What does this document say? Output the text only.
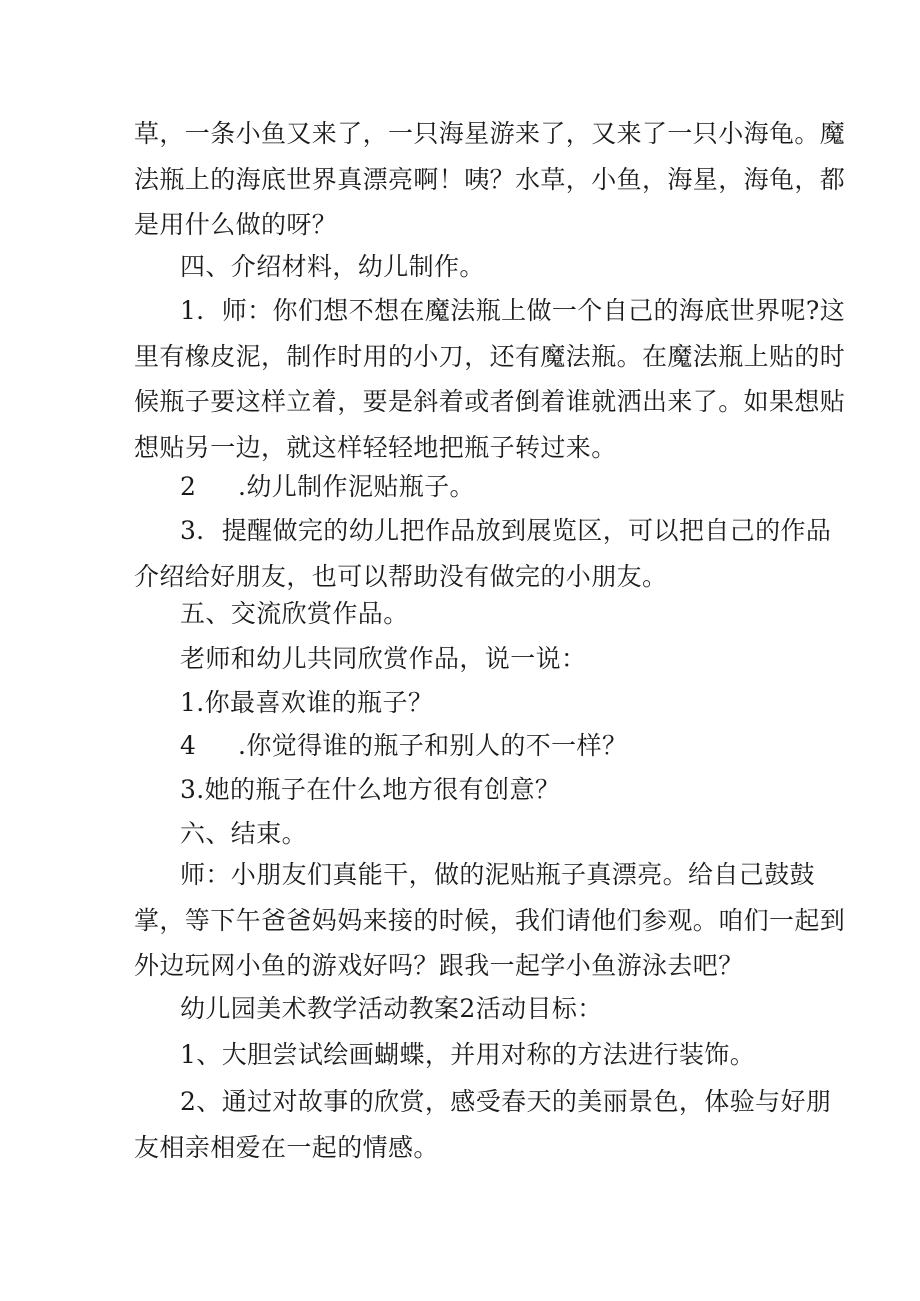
草，一条小鱼又来了，一只海星游来了，又来了一只小海龟。魔
法瓶上的海底世界真漂亮啊！咦？水草，小鱼，海星，海龟，都
是用什么做的呀？
四、介绍材料，幼儿制作。
1．师：你们想不想在魔法瓶上做一个自己的海底世界呢?这
里有橡皮泥，制作时用的小刀，还有魔法瓶。在魔法瓶上贴的时
候瓶子要这样立着，要是斜着或者倒着谁就洒出来了。如果想贴
想贴另一边，就这样轻轻地把瓶子转过来。
2 .幼儿制作泥贴瓶子。
3．提醒做完的幼儿把作品放到展览区，可以把自己的作品
介绍给好朋友，也可以帮助没有做完的小朋友。
五、交流欣赏作品。
老师和幼儿共同欣赏作品，说一说：
1.你最喜欢谁的瓶子？
4 .你觉得谁的瓶子和别人的不一样？
3.她的瓶子在什么地方很有创意？
六、结束。
师：小朋友们真能干，做的泥贴瓶子真漂亮。给自己鼓鼓
掌，等下午爸爸妈妈来接的时候，我们请他们参观。咱们一起到
外边玩网小鱼的游戏好吗？跟我一起学小鱼游泳去吧？
幼儿园美术教学活动教案2活动目标：
1、大胆尝试绘画蝴蝶，并用对称的方法进行装饰。
2、通过对故事的欣赏，感受春天的美丽景色，体验与好朋
友相亲相爱在一起的情感。
